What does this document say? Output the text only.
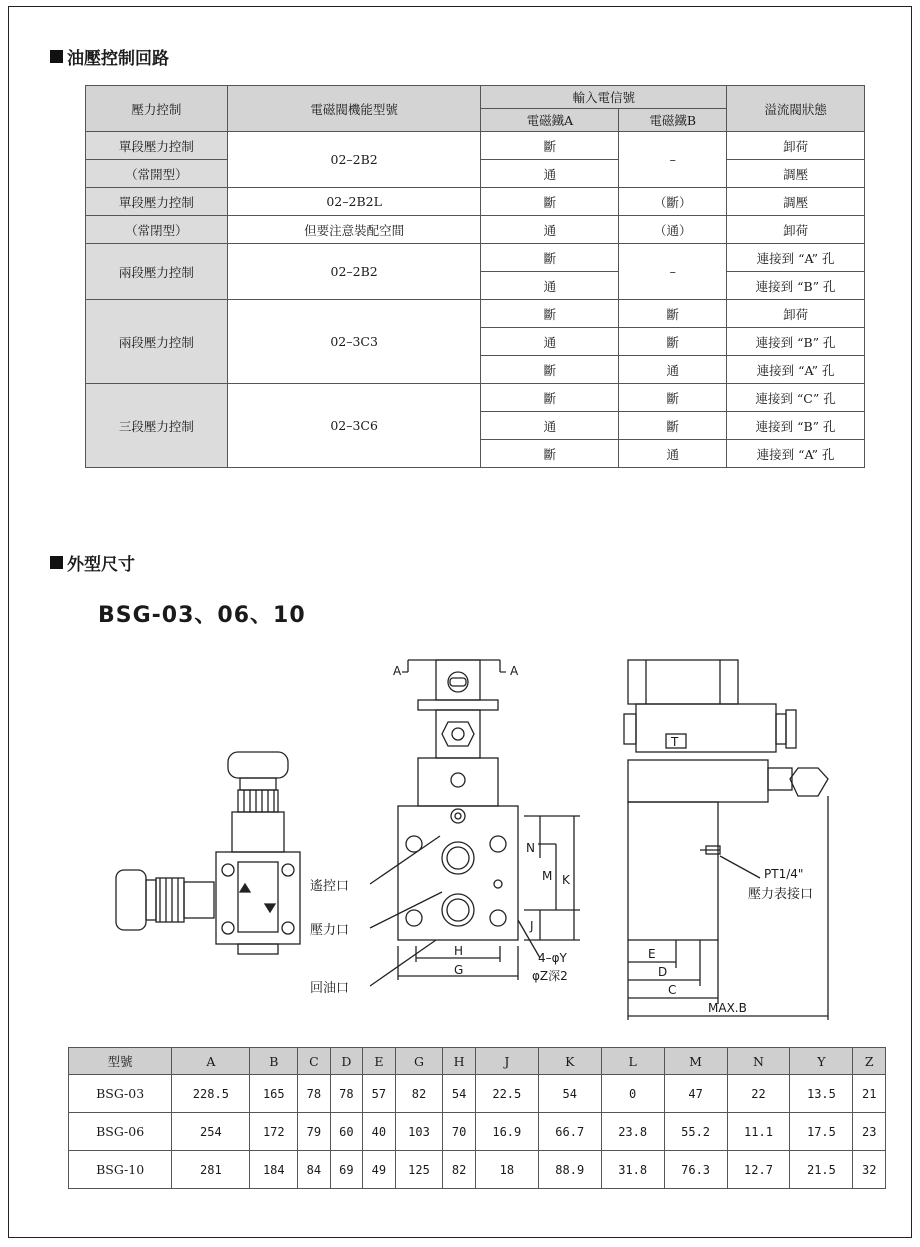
油壓控制回路
壓力控制	電磁閥機能型號	輸入電信號		溢流閥狀態
		電磁鐵A	電磁鐵B	
單段壓力控制	02–2B2	斷	–	卸荷
（常開型）		通		調壓
單段壓力控制	02–2B2L	斷	（斷）	調壓
（常閉型）	但要注意裝配空間	通	（通）	卸荷
兩段壓力控制	02–2B2	斷	–	連接到 “A” 孔
		通		連接到 “B” 孔
兩段壓力控制	02–3C3	斷	斷	卸荷
		通	斷	連接到 “B” 孔
		斷	通	連接到 “A” 孔
三段壓力控制	02–3C6	斷	斷	連接到 “C” 孔
		通	斷	連接到 “B” 孔
		斷	通	連接到 “A” 孔
外型尺寸
BSG-03、06、10
A	A
遙控口
壓力口
回油口
H
G
N
M K
J
4–φY
φZ深2
PT1/4"
壓力表接口
E
D
C
MAX.B
T
型號	A	B	C	D	E	G	H	J	K	L	M	N	Y	Z
BSG-03	228.5	165	78	78	57	82	54	22.5	54	0	47	22	13.5	21
BSG-06	254	172	79	60	40	103	70	16.9	66.7	23.8	55.2	11.1	17.5	23
BSG-10	281	184	84	69	49	125	82	18	88.9	31.8	76.3	12.7	21.5	32
